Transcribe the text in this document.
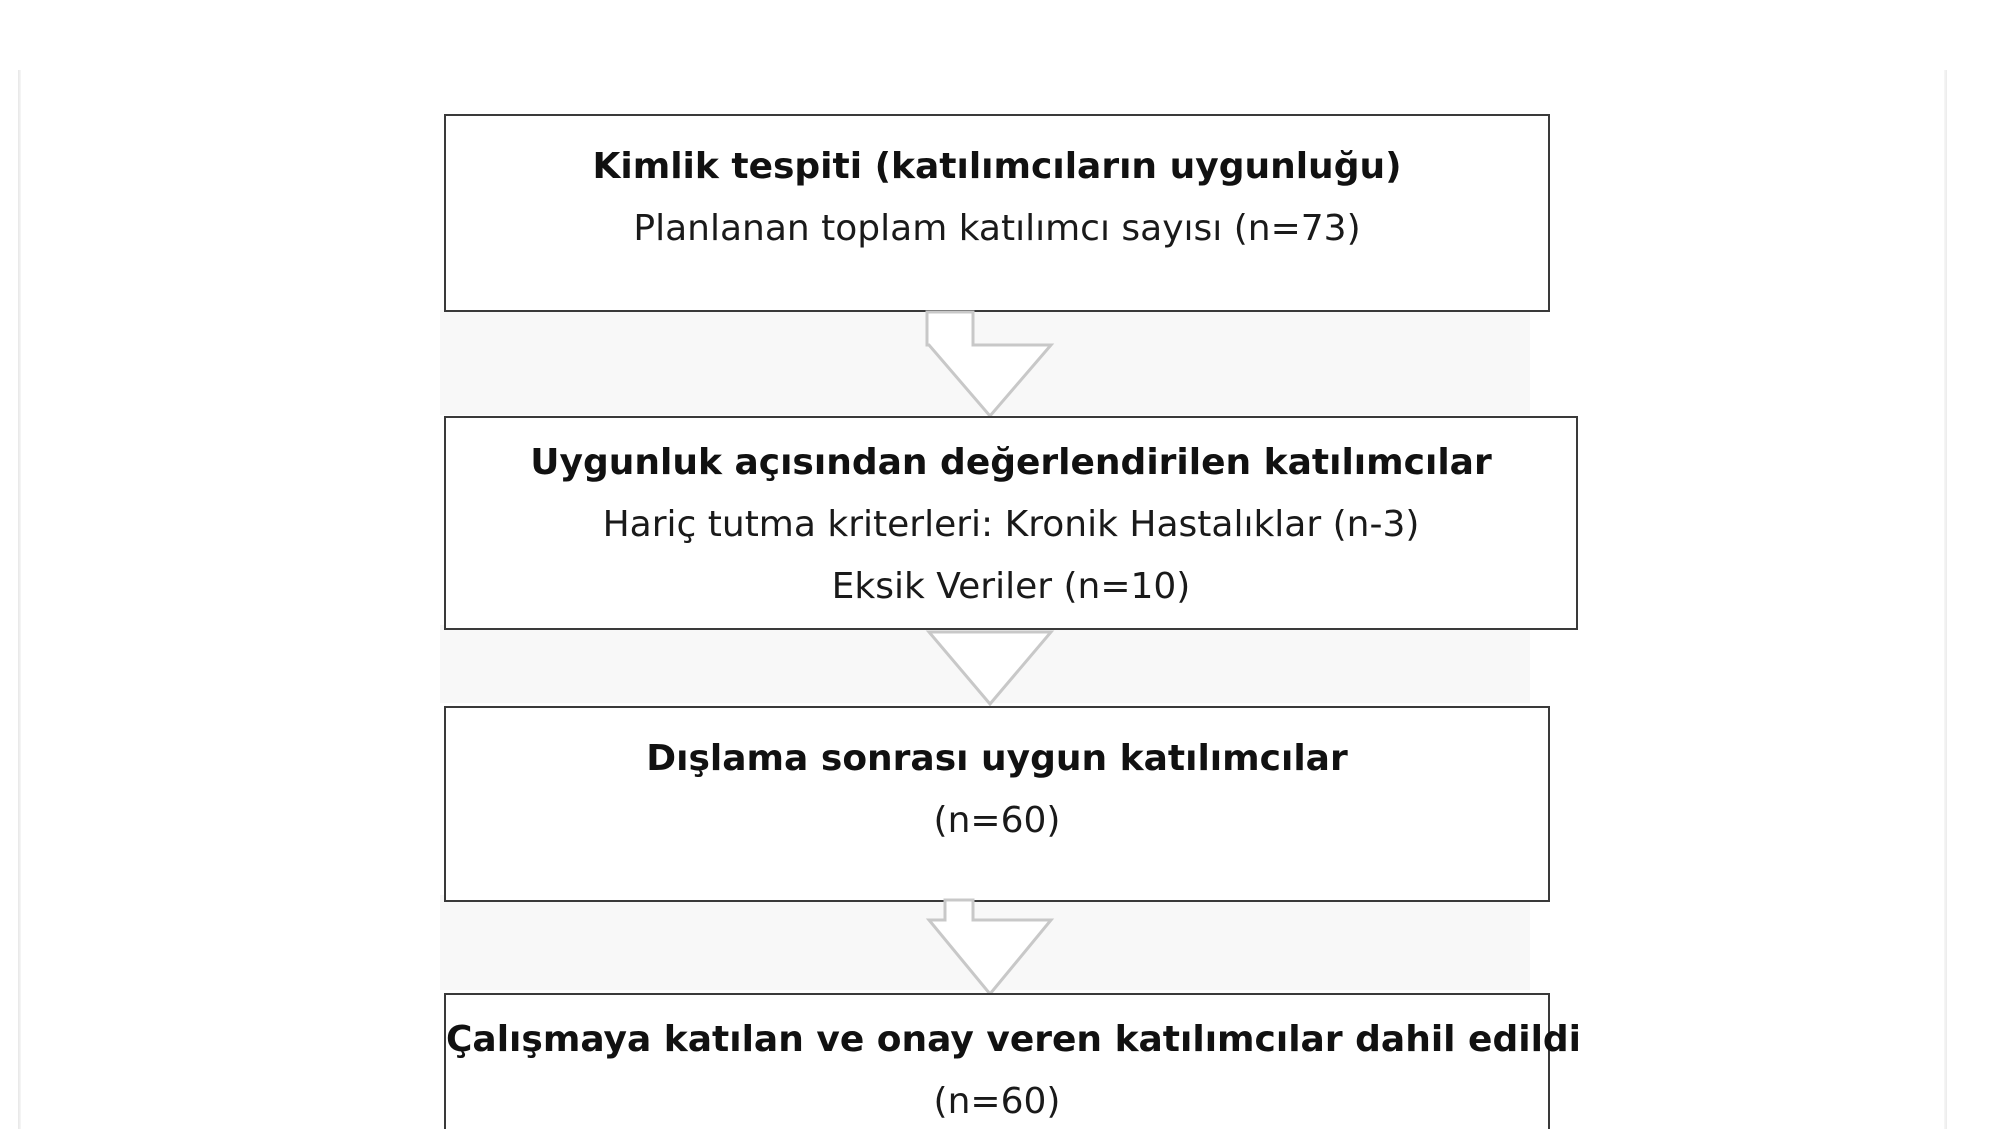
Kimlik tespiti (katılımcıların uygunluğu)
Planlanan toplam katılımcı sayısı (n=73)
Uygunluk açısından değerlendirilen katılımcılar
Hariç tutma kriterleri: Kronik Hastalıklar (n-3)
Eksik Veriler (n=10)
Dışlama sonrası uygun katılımcılar
(n=60)
Çalışmaya katılan ve onay veren katılımcılar dahil edildi
(n=60)
